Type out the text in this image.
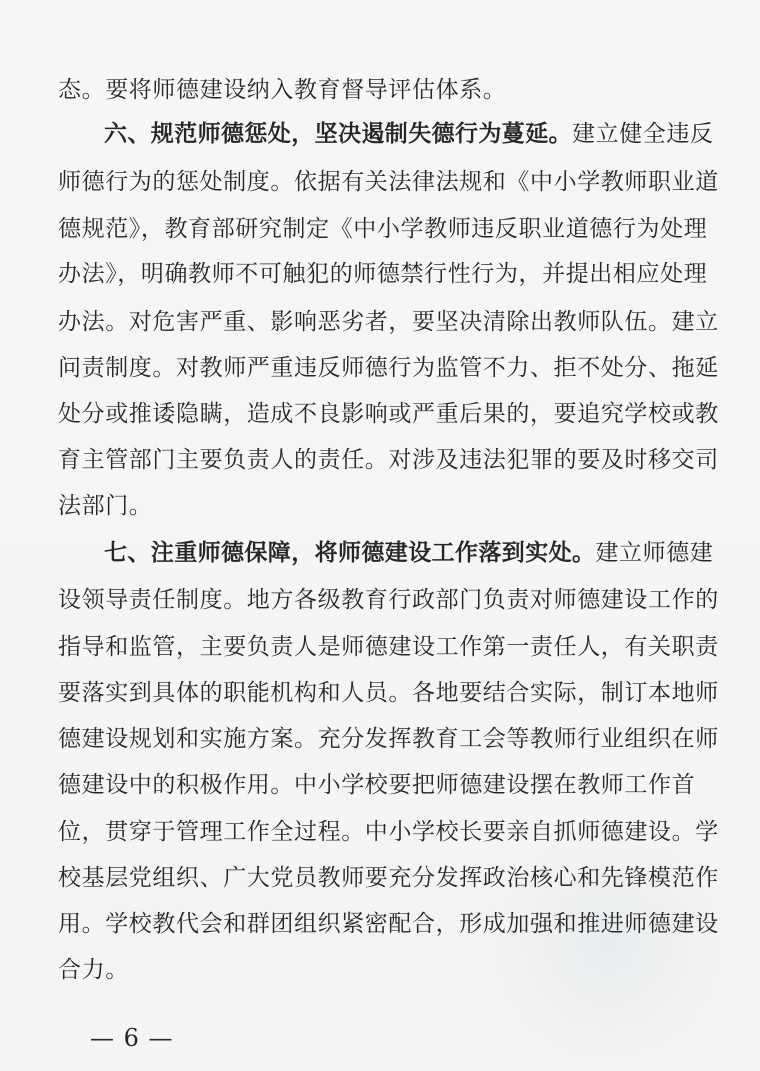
态。要将师德建设纳入教育督导评估体系。
六、规范师德惩处，坚决遏制失德行为蔓延。建立健全违反
师德行为的惩处制度。依据有关法律法规和《中小学教师职业道
德规范》，教育部研究制定《中小学教师违反职业道德行为处理
办法》，明确教师不可触犯的师德禁行性行为，并提出相应处理
办法。对危害严重、影响恶劣者，要坚决清除出教师队伍。建立
问责制度。对教师严重违反师德行为监管不力、拒不处分、拖延
处分或推诿隐瞒，造成不良影响或严重后果的，要追究学校或教
育主管部门主要负责人的责任。对涉及违法犯罪的要及时移交司
法部门。
七、注重师德保障，将师德建设工作落到实处。建立师德建
设领导责任制度。地方各级教育行政部门负责对师德建设工作的
指导和监管，主要负责人是师德建设工作第一责任人，有关职责
要落实到具体的职能机构和人员。各地要结合实际，制订本地师
德建设规划和实施方案。充分发挥教育工会等教师行业组织在师
德建设中的积极作用。中小学校要把师德建设摆在教师工作首
位，贯穿于管理工作全过程。中小学校长要亲自抓师德建设。学
校基层党组织、广大党员教师要充分发挥政治核心和先锋模范作
用。学校教代会和群团组织紧密配合，形成加强和推进师德建设
合力。
— 6 —
